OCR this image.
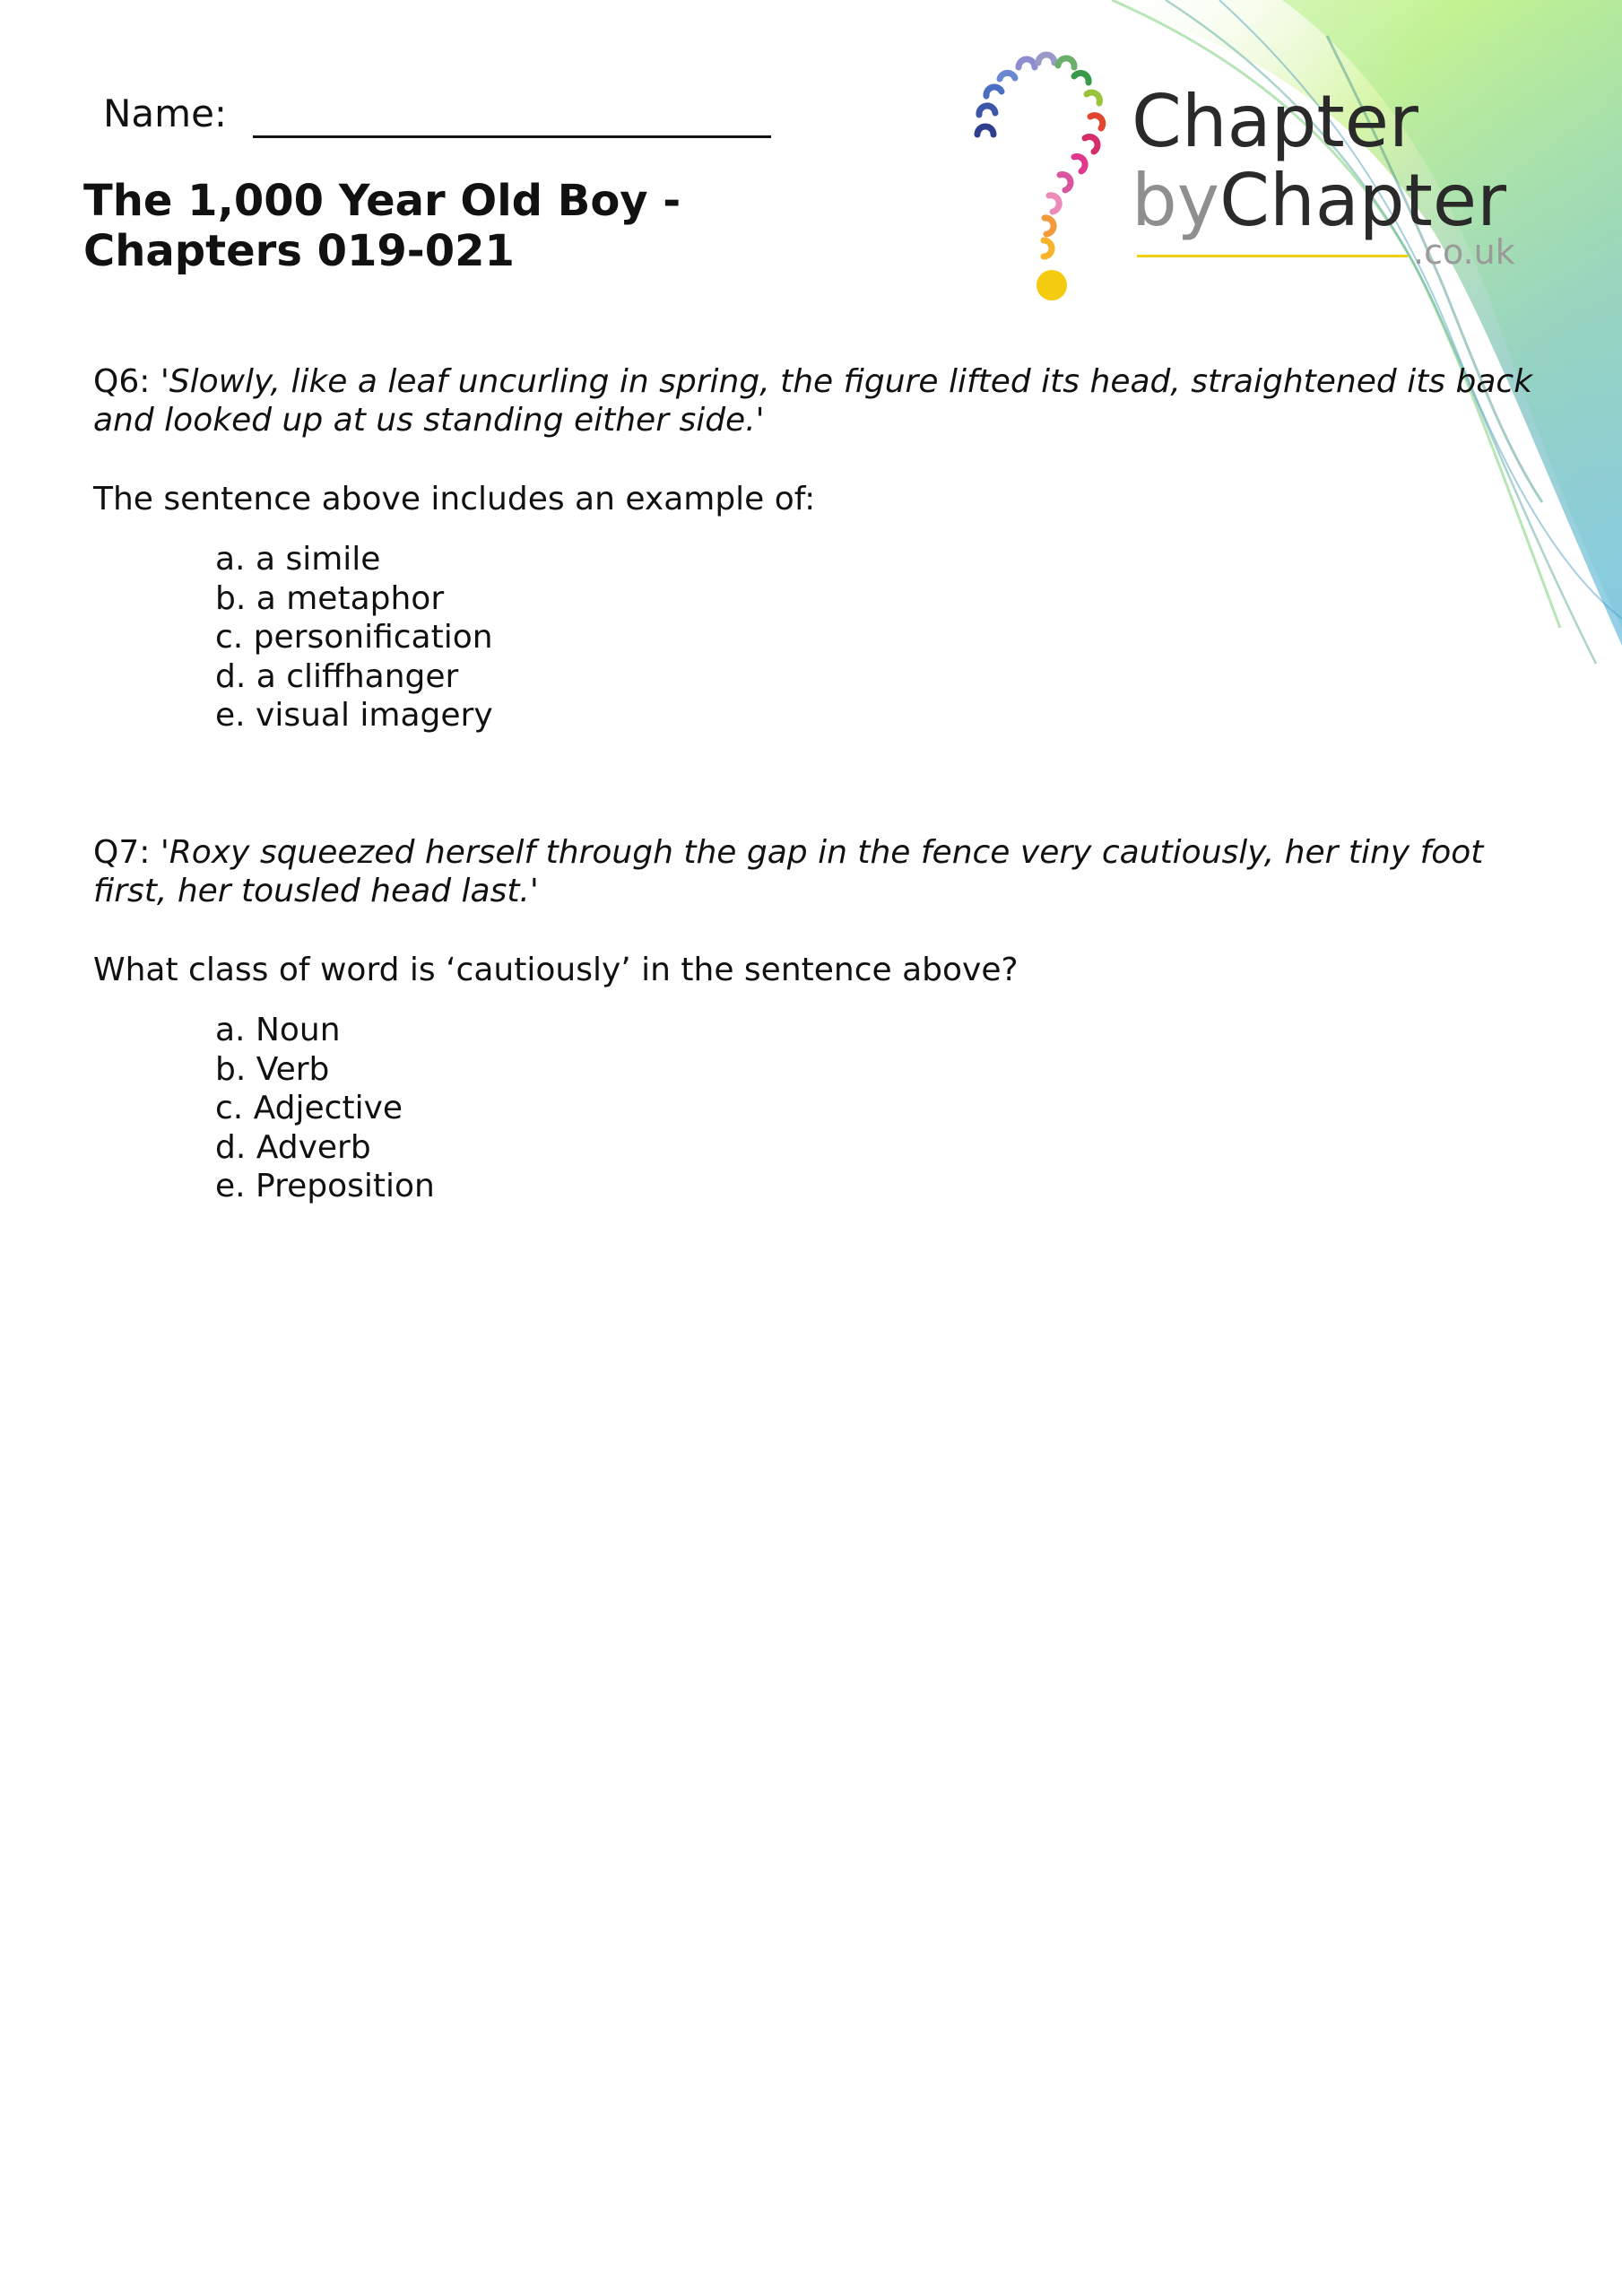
Name:
The 1,000 Year Old Boy -
Chapters 019-021
Chapter
byChapter
.co.uk
Q6: 'Slowly, like a leaf uncurling in spring, the figure lifted its head, straightened its back and looked up at us standing either side.'
The sentence above includes an example of:
a. a simile
b. a metaphor
c. personification
d. a cliffhanger
e. visual imagery
Q7: 'Roxy squeezed herself through the gap in the fence very cautiously, her tiny foot first, her tousled head last.'
What class of word is ‘cautiously’ in the sentence above?
a. Noun
b. Verb
c. Adjective
d. Adverb
e. Preposition
